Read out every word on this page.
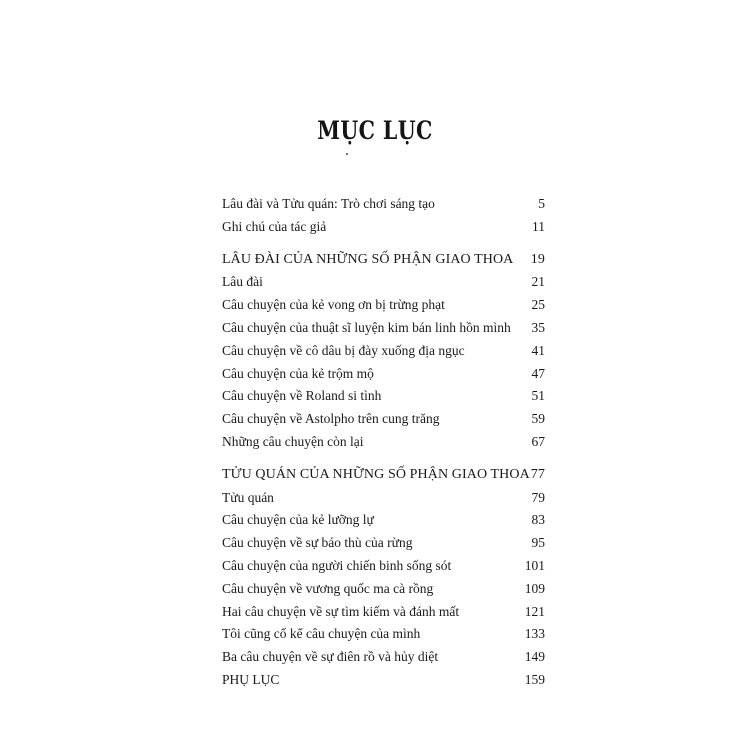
MỤC LỤC
Lâu đài và Tửu quán: Trò chơi sáng tạo	5
Ghi chú của tác giả	11
LÂU ĐÀI CỦA NHỮNG SỐ PHẬN GIAO THOA 19
Lâu đài	21
Câu chuyện của kẻ vong ơn bị trừng phạt	25
Câu chuyện của thuật sĩ luyện kim bán linh hồn mình 35
Câu chuyện về cô dâu bị đày xuống địa ngục	41
Câu chuyện của kẻ trộm mộ	47
Câu chuyện về Roland si tình	51
Câu chuyện về Astolpho trên cung trăng	59
Những câu chuyện còn lại	67
TỬU QUÁN CỦA NHỮNG SỐ PHẬN GIAO THOA 77
Tửu quán	79
Câu chuyện của kẻ lưỡng lự	83
Câu chuyện về sự báo thù của rừng	95
Câu chuyện của người chiến binh sống sót	101
Câu chuyện về vương quốc ma cà rồng	109
Hai câu chuyện về sự tìm kiếm và đánh mất	121
Tôi cũng cố kể câu chuyện của mình	133
Ba câu chuyện về sự điên rồ và hủy diệt	149
PHỤ LỤC	159
